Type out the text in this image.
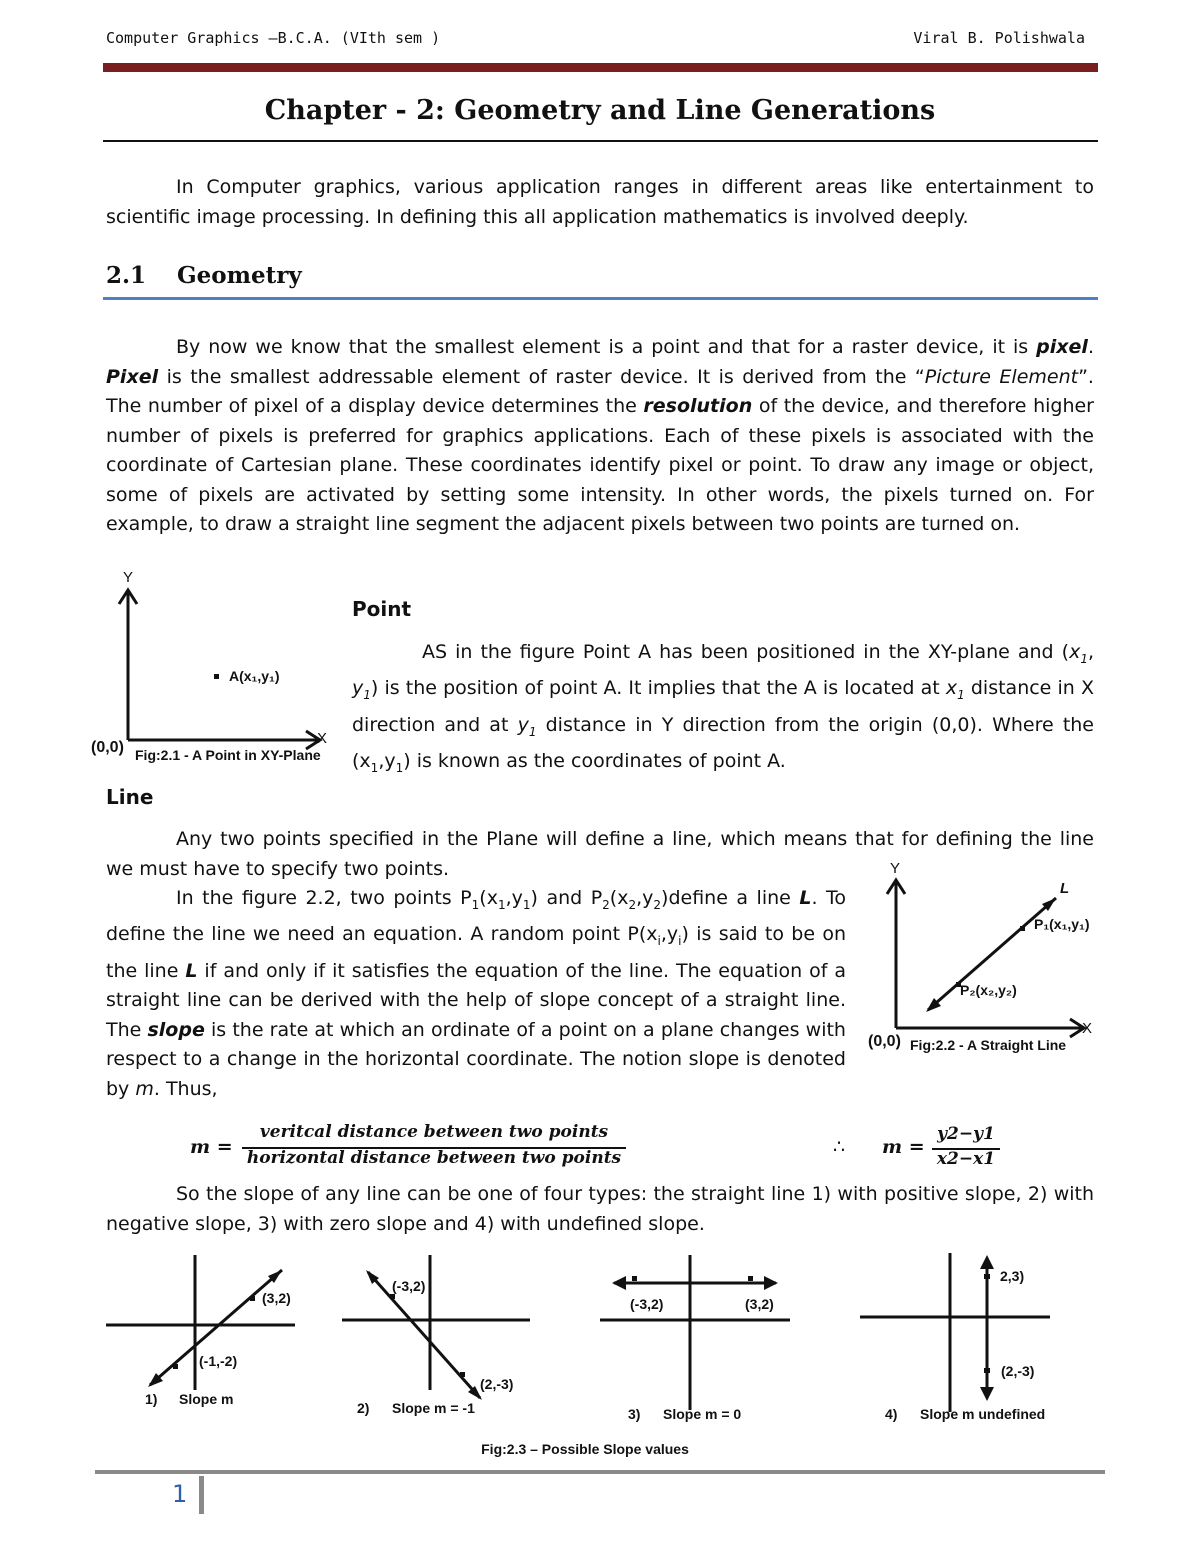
Computer Graphics –B.C.A. (VIth sem )	Viral B. Polishwala
Chapter - 2: Geometry and Line Generations
In Computer graphics, various application ranges in different areas like entertainment to scientific image processing. In defining this all application mathematics is involved deeply.
2.1 Geometry
By now we know that the smallest element is a point and that for a raster device, it is pixel. Pixel is the smallest addressable element of raster device. It is derived from the “Picture Element”. The number of pixel of a display device determines the resolution of the device, and therefore higher number of pixels is preferred for graphics applications. Each of these pixels is associated with the coordinate of Cartesian plane. These coordinates identify pixel or point. To draw any image or object, some of pixels are activated by setting some intensity. In other words, the pixels turned on. For example, to draw a straight line segment the adjacent pixels between two points are turned on.
Y
X
(0,0)
A(x₁,y₁)
Fig:2.1 - A Point in XY-Plane
Point
AS in the figure Point A has been positioned in the XY-plane and ($x_1$, $y_1$) is the position of point A. It implies that the A is located at $x_1$ distance in X direction and at $y_1$ distance in Y direction from the origin (0,0). Where the $(x_1,y_1)$ is known as the coordinates of point A.
Line
Any two points specified in the Plane will define a line, which means that for defining the line we must have to specify two points.
In the figure 2.2, two points $P_1(x_1,y_1)$ and $P_2(x_2,y_2)define$ a line L. To define the line we need an equation. A random point $P(x_i,y_i)$ is said to be on the line L if and only if it satisfies the equation of the line. The equation of a straight line can be derived with the help of slope concept of a straight line. The slope is the rate at which an ordinate of a point on a plane changes with respect to a change in the horizontal coordinate. The notion slope is denoted by m. Thus,
Y
X
(0,0)
L
P₁(x₁,y₁)
P₂(x₂,y₂)
Fig:2.2 - A Straight Line
m =
veritcal distance between two points
horizontal distance between two points	∴ m =
y2−y1
x2−x1
So the slope of any line can be one of four types: the straight line 1) with positive slope, 2) with negative slope, 3) with zero slope and 4) with undefined slope.
(3,2)
(-1,-2)
1) Slope m
(-3,2)
(2,-3)
2) Slope m = -1
(-3,2)	(3,2)
3) Slope m = 0
2,3)
(2,-3)
4) Slope m undefined
Fig:2.3 – Possible Slope values
1
